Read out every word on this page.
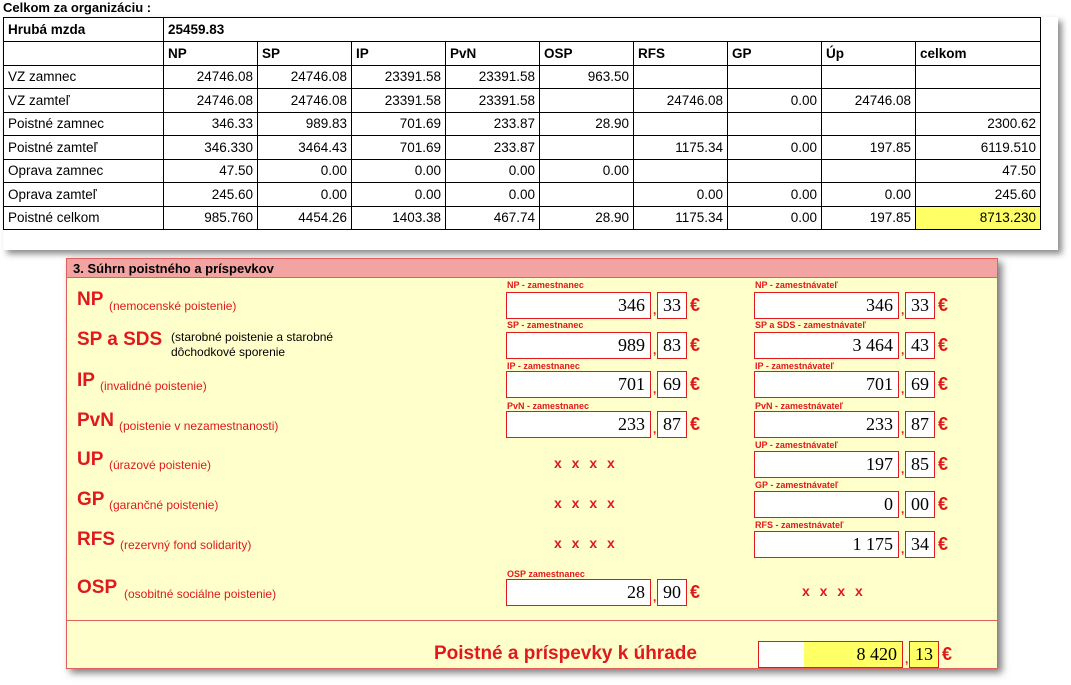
Celkom za organizáciu :
Hrubá mzda	25459.83								
	NP	SP	IP	PvN	OSP	RFS	GP	Úp	celkom
VZ zamnec	24746.08	24746.08	23391.58	23391.58	963.50				
VZ zamteľ	24746.08	24746.08	23391.58	23391.58		24746.08	0.00	24746.08	
Poistné zamnec	346.33	989.83	701.69	233.87	28.90				2300.62
Poistné zamteľ	346.330	3464.43	701.69	233.87		1175.34	0.00	197.85	6119.510
Oprava zamnec	47.50	0.00	0.00	0.00	0.00				47.50
Oprava zamteľ	245.60	0.00	0.00	0.00		0.00	0.00	0.00	245.60
Poistné celkom	985.760	4454.26	1403.38	467.74	28.90	1175.34	0.00	197.85	8713.230
3. Súhrn poistného a príspevkov
NP (nemocenské poistenie)
NP - zamestnanec
346 , 33 €
NP - zamestnávateľ
346 , 33 €
SP a SDS (starobné poistenie a starobné
dôchodkové sporenie
SP - zamestnanec
989 , 83 €
SP a SDS - zamestnávateľ
3 464 , 43 €
IP (invalidné poistenie)
IP - zamestnanec
701 , 69 €
IP - zamestnávateľ
701 , 69 €
PvN (poistenie v nezamestnanosti)
PvN - zamestnanec
233 , 87 €
PvN - zamestnávateľ
233 , 87 €
UP (úrazové poistenie)	x x x x
UP - zamestnávateľ
197 , 85 €
GP (garančné poistenie)	x x x x
GP - zamestnávateľ
0 , 00 €
RFS (rezervný fond solidarity)	x x x x
RFS - zamestnávateľ
1 175 , 34 €
OSP (osobitné sociálne poistenie)
OSP zamestnanec
28 , 90 €	x x x x
Poistné a príspevky k úhrade	8 420 , 13 €
